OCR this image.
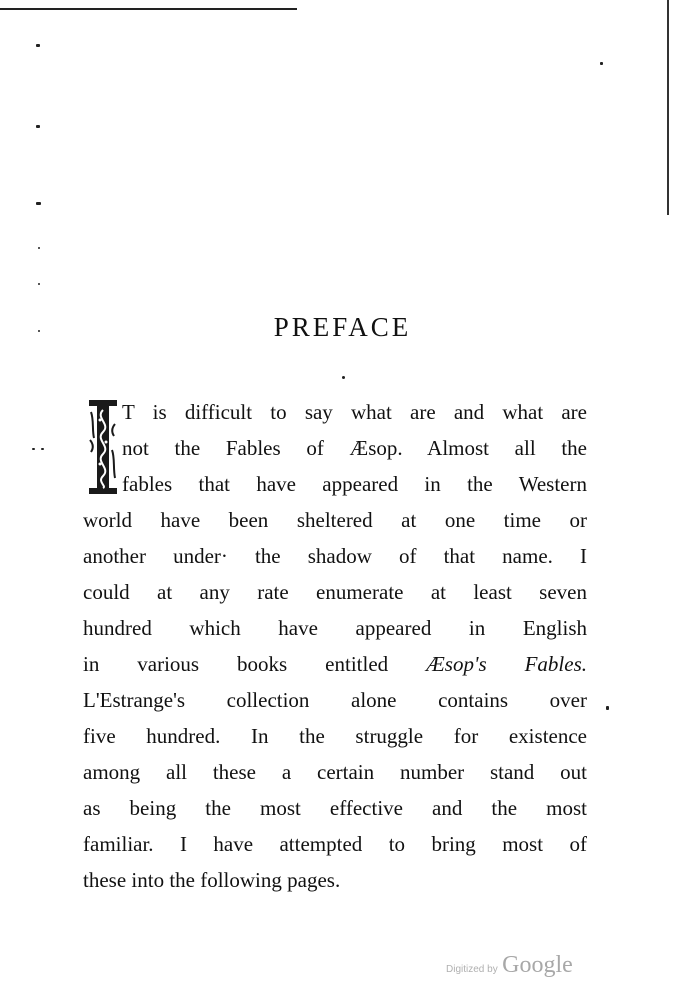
PREFACE

T is difficult to say what are and what are

not the Fables of Æsop. Almost all the

fables that have appeared in the Western

world have been sheltered at one time or

another under· the shadow of that name. I

could at any rate enumerate at least seven

hundred which have appeared in English

in various books entitled Æsop's Fables.

L'Estrange's collection alone contains over

five hundred. In the struggle for existence

among all these a certain number stand out

as being the most effective and the most

familiar. I have attempted to bring most of

these into the following pages.

Digitized by Google
